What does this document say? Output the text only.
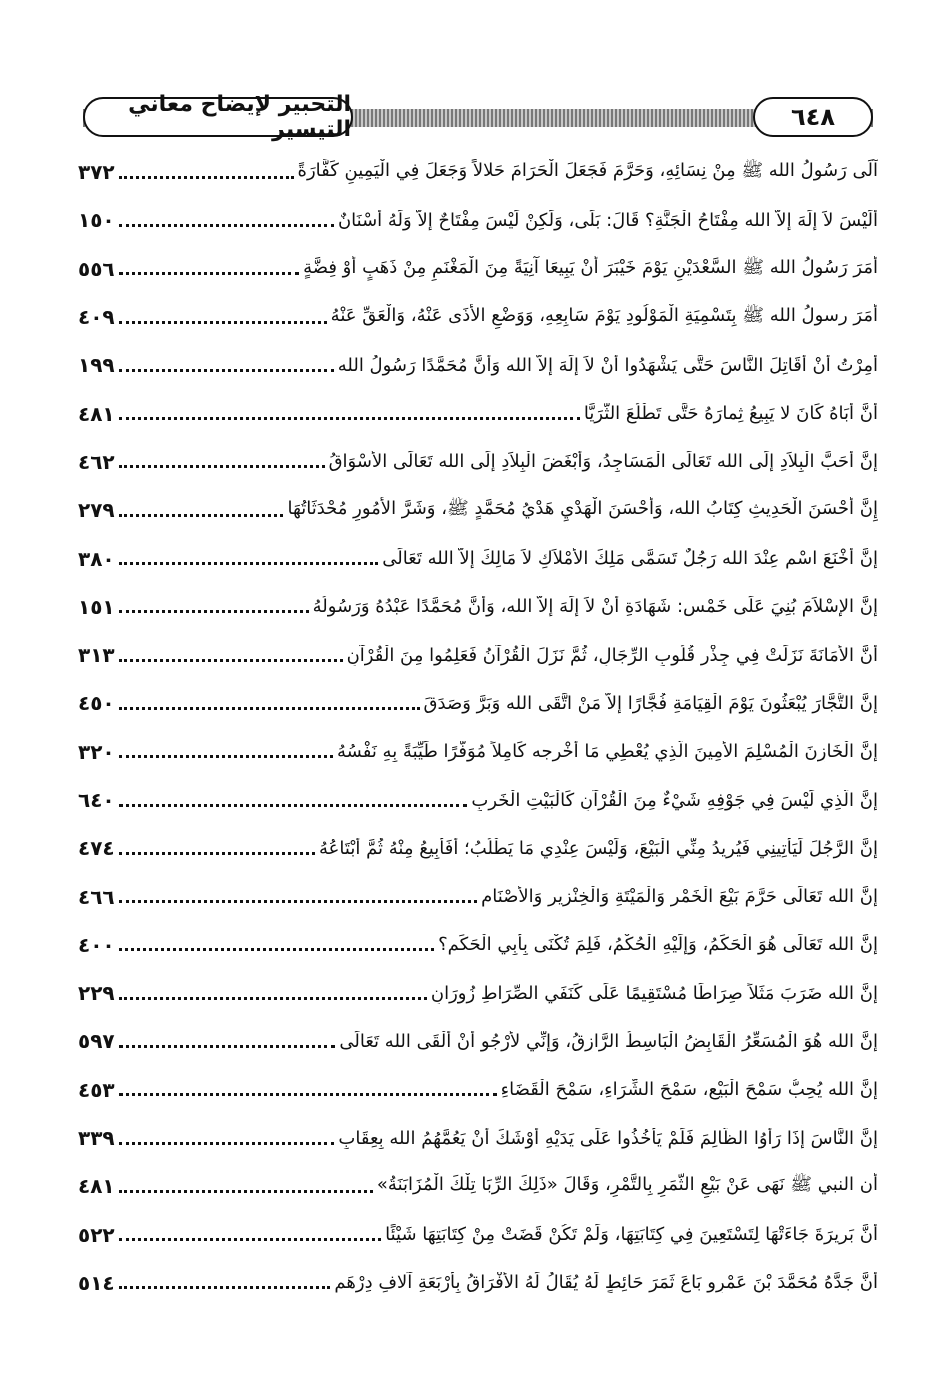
التحبير لإيضاح معاني التيسير	٦٤٨
آلَى رَسُولُ الله ﷺ مِنْ نِسَائِهِ، وَحَرَّمَ فَجَعَلَ الْحَرَامَ حَلالاً وَجَعَلَ فِي الْيَمِينِ كَفَّارَةً
٣٧٢
أَلَيْسَ لاَ إِلَهَ إِلاَّ الله مِفْتَاحُ الْجَنَّةِ؟ قَالَ: بَلَى، وَلَكِنْ لَيْسَ مِفْتَاحٌ إِلاَّ وَلَهُ أَسْنَانٌ
١٥٠
أَمَرَ رَسُولُ الله ﷺ السَّعْدَيْنِ يَوْمَ خَيْبَرَ أَنْ يَبِيعَا آنِيَةً مِنَ الْمَغْنَمِ مِنْ ذَهَبٍ أَوْ فِضَّةٍ
٥٥٦
أَمَرَ رسولُ الله ﷺ بِتَسْمِيَةِ الْمَوْلُودِ يَوْمَ سَابِعِهِ، وَوَضْعِ الأَذَى عَنْهُ، وَالْعَقِّ عَنْهُ
٤٠٩
أُمِرْتُ أَنْ أُقَاتِلَ النَّاسَ حَتَّى يَشْهَدُوا أَنْ لاَ إِلَهَ إِلاَّ الله وَأَنَّ مُحَمَّدًا رَسُولُ الله
١٩٩
أَنَّ أَبَاهُ كَانَ لا يَبِيعُ ثِمارَهُ حَتَّى تَطْلُعَ الثُّرَيَّا
٤٨١
إِنَّ أَحَبَّ الْبِلاَدِ إِلَى الله تَعَالَى الْمَسَاجِدُ، وَأَبْغَضَ الْبِلاَدِ إِلَى الله تَعَالَى الأَسْوَاقُ
٤٦٢
إِنَّ أَحْسَنَ الْحَدِيثِ كِتَابُ الله، وَأَحْسَنَ الْهَدْيِ هَدْيُ مُحَمَّدٍ ﷺ، وَشَرَّ الأُمُورِ مُحْدَثَاتُهَا
٢٧٩
إِنَّ أَخْنَعَ اسْمٍ عِنْدَ الله رَجُلٌ تَسَمَّى مَلِكَ الأَمْلاَكِ لاَ مَالِكَ إِلاَّ الله تَعَالَى
٣٨٠
إِنَّ الإِسْلاَمَ بُنِيَ عَلَى خَمْسٍ: شَهَادَةِ أَنْ لاَ إِلَهَ إِلاَّ الله، وَأَنَّ مُحَمَّدًا عَبْدُهُ وَرَسُولُهُ
١٥١
أَنَّ الأَمَانَةَ نَزَلَتْ فِي جِذْرِ قُلُوبِ الرِّجَالِ، ثُمَّ نَزَلَ الْقُرْآنُ فَعَلِمُوا مِنَ الْقُرْآنِ
٣١٣
إِنَّ التُّجَّارَ يُبْعَثُونَ يَوْمَ الْقِيَامَةِ فُجَّارًا إِلاَّ مَنْ اتَّقَى الله وَبَرَّ وَصَدَقَ
٤٥٠
إِنَّ الْخَازِنَ الْمُسْلِمَ الأَمِينَ الَّذِي يُعْطِي مَا أُخْرِجه كَامِلاً مُوَفَّرًا طَيِّبَةً بِهِ نَفْسُهُ
٣٢٠
إِنَّ الَّذِي لَيْسَ فِي جَوْفِهِ شَيْءٌ مِنَ الْقُرْآنِ كَالْبَيْتِ الْخَرِبِ
٦٤٠
إِنَّ الرَّجُلَ لَيَأْتِينِي فَيُرِيدُ مِنِّي الْبَيْعَ، وَلَيْسَ عِنْدِي مَا يَطْلُبُ؛ أَفَأَبِيعُ مِنْهُ ثُمَّ أَبْتَاعُهُ
٤٧٤
إِنَّ الله تَعَالَى حَرَّمَ بَيْعَ الْخَمْرِ وَالْمَيْتَةِ وَالْخِنْزِيرِ وَالأَصْنَامِ
٤٦٦
إِنَّ الله تَعَالَى هُوَ الْحَكَمُ، وَإِلَيْهِ الْحُكْمُ، فَلِمَ تُكْنَى بِأَبِي الْحَكَمِ؟
٤٠٠
إِنَّ الله ضَرَبَ مَثَلاً صِرَاطًا مُسْتَقِيمًا عَلَى كَنَفَيِ الصِّرَاطِ زُورَانِ
٢٢٩
إِنَّ الله هُوَ الْمُسَعِّرُ الْقَابِضُ الْبَاسِطُ الرَّازِقُ، وَإِنِّي لأَرْجُو أَنْ أَلْقَى الله تَعَالَى
٥٩٧
إِنَّ الله يُحِبُّ سَمْحَ الْبَيْعِ، سَمْحَ الشِّرَاءِ، سَمْحَ الْقَضَاءِ
٤٥٣
إِنَّ النَّاسَ إِذَا رَأَوُا الظَّالِمَ فَلَمْ يَأْخُذُوا عَلَى يَدَيْهِ أَوْشَكَ أَنْ يَعُمَّهُمُ الله بِعِقَابٍ
٣٣٩
أن النبي ﷺ نَهَى عَنْ بَيْعِ الثَّمَرِ بِالتَّمْرِ، وَقَالَ «ذَلِكَ الرِّبَا تِلْكَ الْمُزَابَنَةُ»
٤٨١
أَنَّ بَرِيرَةَ جَاءَتْهَا لِتَسْتَعِينَ فِي كِتَابَتِهَا، وَلَمْ تَكُنْ قَضَتْ مِنْ كِتَابَتِهَا شَيْئًا
٥٢٢
أَنَّ جَدَّهُ مُحَمَّدَ بْنَ عَمْرٍو بَاعَ ثَمَرَ حَائِطٍ لَهُ يُقَالُ لَهُ الأَفْرَاقُ بِأَرْبَعَةِ آلافِ دِرْهَمٍ
٥١٤
